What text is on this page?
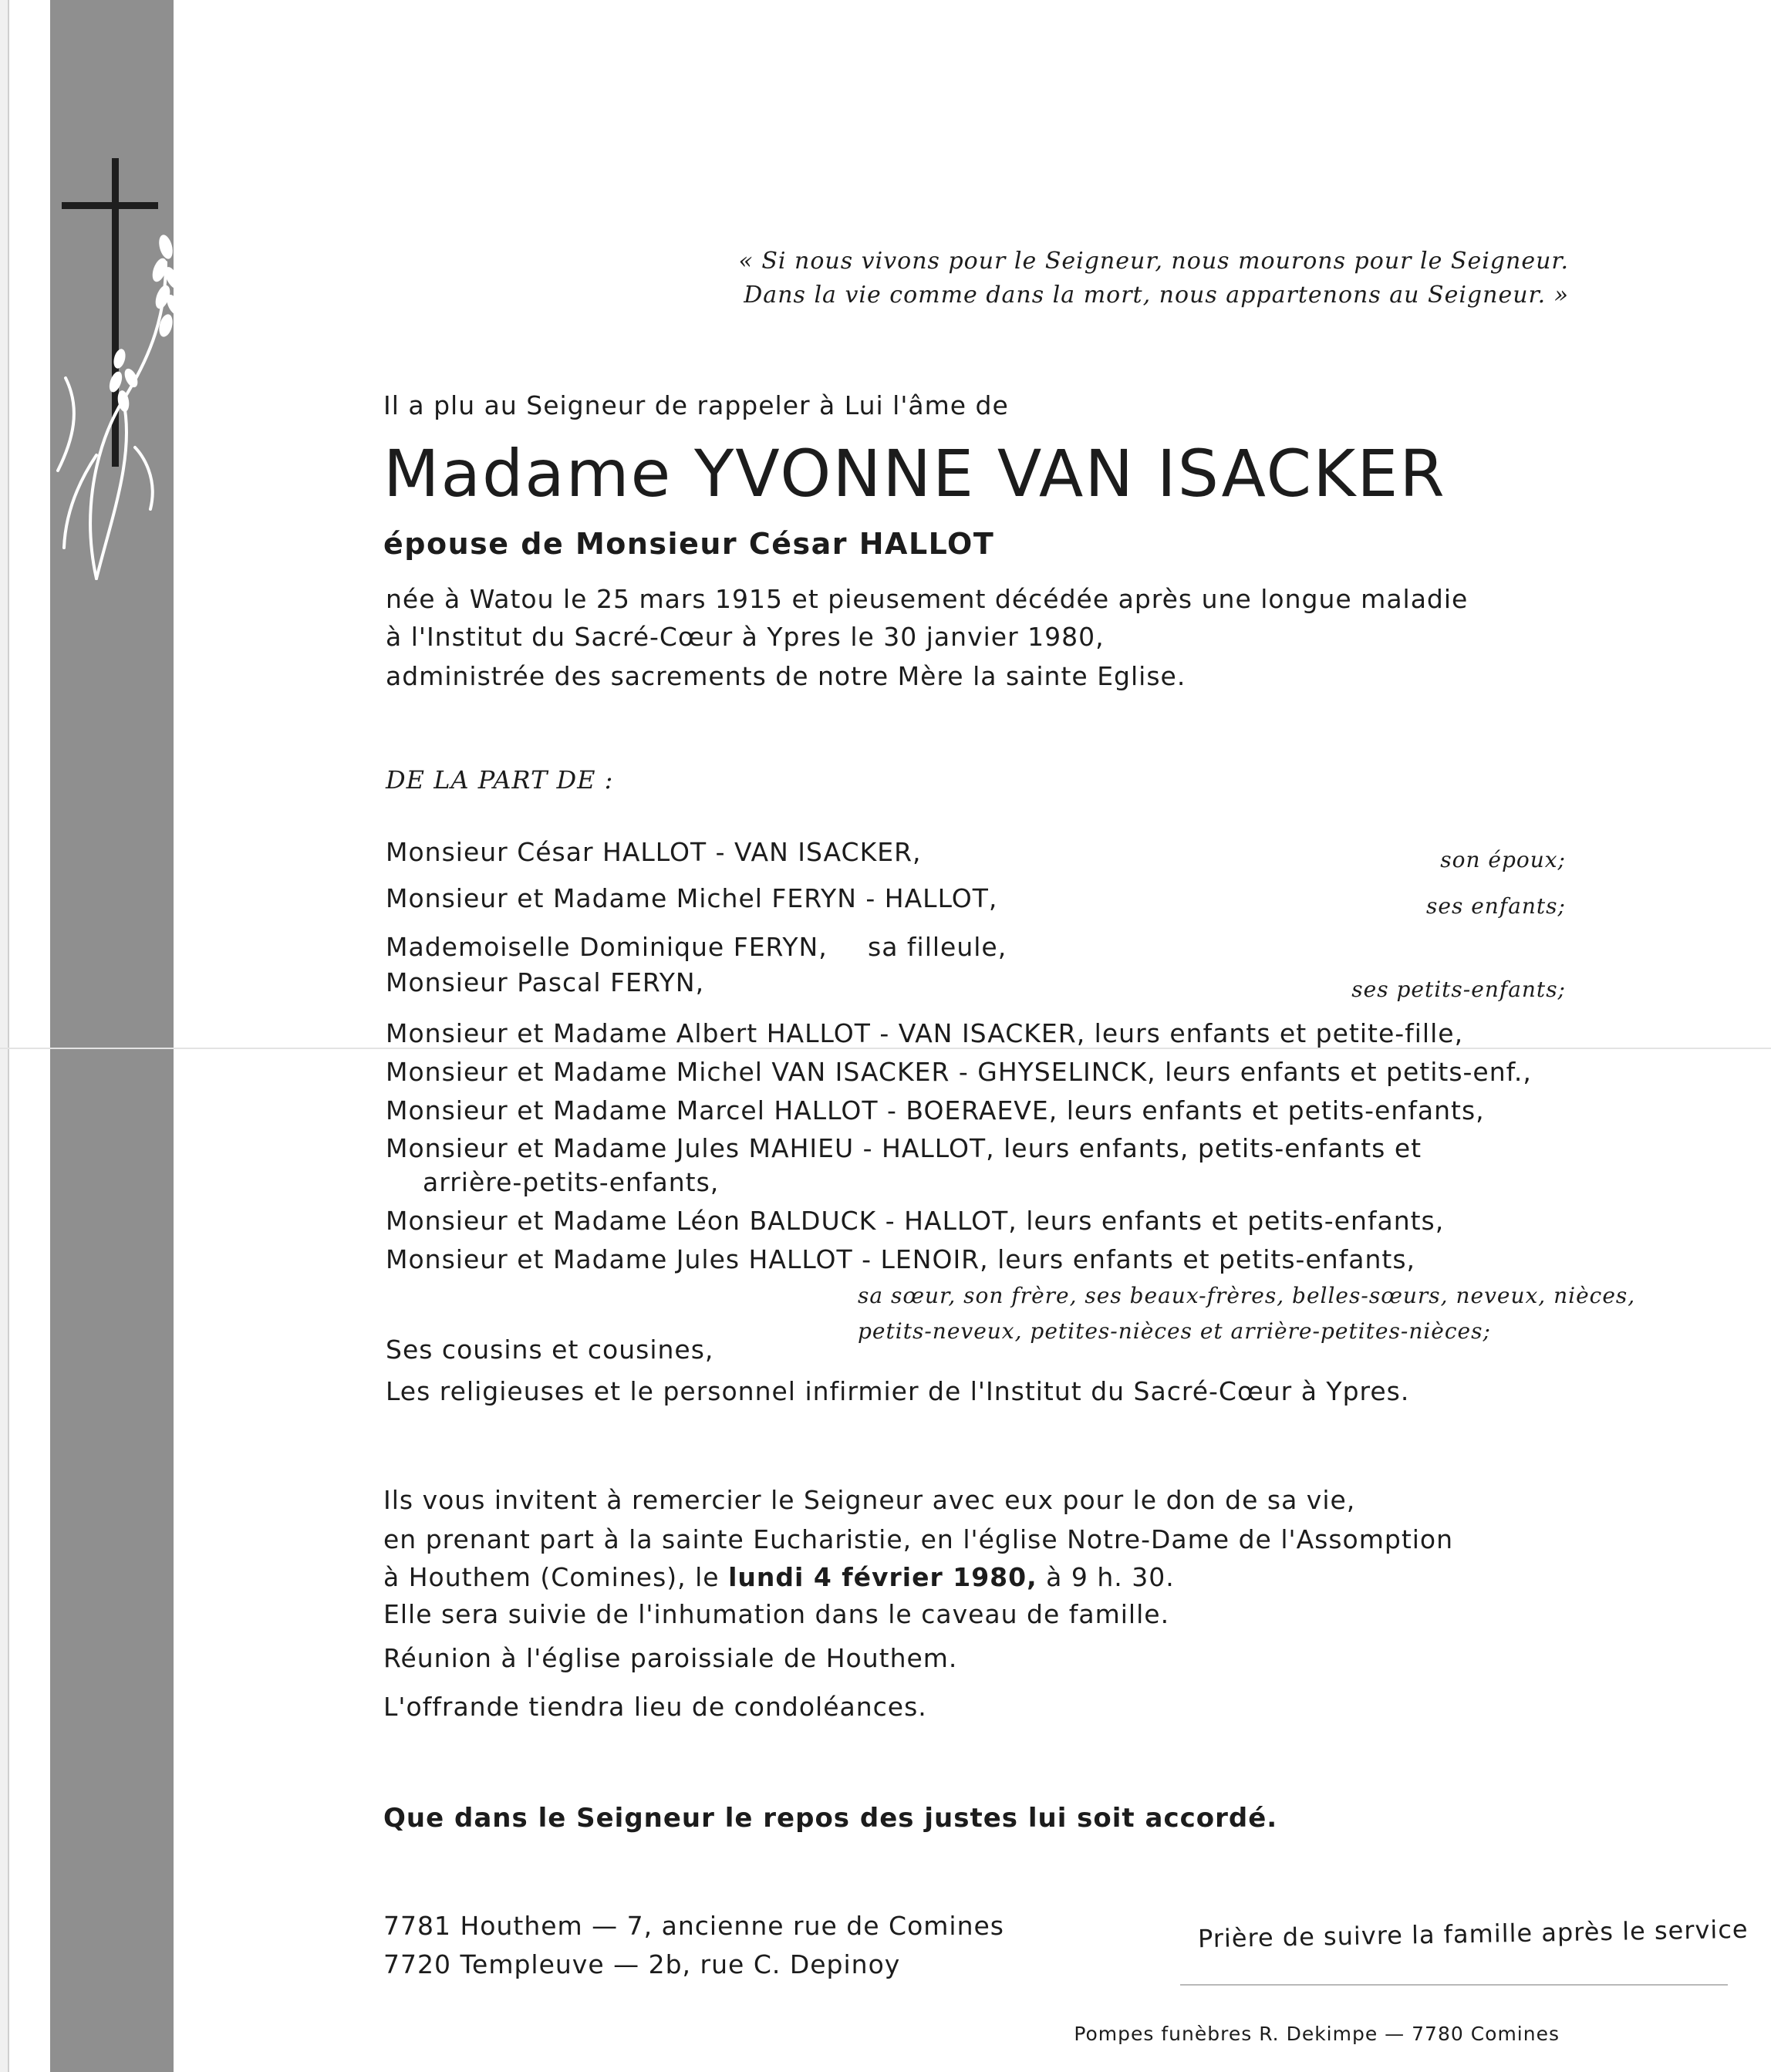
« Si nous vivons pour le Seigneur, nous mourons pour le Seigneur.
Dans la vie comme dans la mort, nous appartenons au Seigneur. »
Il a plu au Seigneur de rappeler à Lui l'âme de
Madame YVONNE VAN ISACKER
épouse de Monsieur César HALLOT
née à Watou le 25 mars 1915 et pieusement décédée après une longue maladie
à l'Institut du Sacré-Cœur à Ypres le 30 janvier 1980,
administrée des sacrements de notre Mère la sainte Eglise.
DE LA PART DE :
Monsieur César HALLOT - VAN ISACKER,	son époux;
Monsieur et Madame Michel FERYN - HALLOT,	ses enfants;
Mademoiselle Dominique FERYN, sa filleule,
Monsieur Pascal FERYN,	ses petits-enfants;
Monsieur et Madame Albert HALLOT - VAN ISACKER, leurs enfants et petite-fille,
Monsieur et Madame Michel VAN ISACKER - GHYSELINCK, leurs enfants et petits-enf.,
Monsieur et Madame Marcel HALLOT - BOERAEVE, leurs enfants et petits-enfants,
Monsieur et Madame Jules MAHIEU - HALLOT, leurs enfants, petits-enfants et
arrière-petits-enfants,
Monsieur et Madame Léon BALDUCK - HALLOT, leurs enfants et petits-enfants,
Monsieur et Madame Jules HALLOT - LENOIR, leurs enfants et petits-enfants,
sa sœur, son frère, ses beaux-frères, belles-sœurs, neveux, nièces,
petits-neveux, petites-nièces et arrière-petites-nièces;
Ses cousins et cousines,
Les religieuses et le personnel infirmier de l'Institut du Sacré-Cœur à Ypres.
Ils vous invitent à remercier le Seigneur avec eux pour le don de sa vie,
en prenant part à la sainte Eucharistie, en l'église Notre-Dame de l'Assomption
à Houthem (Comines), le lundi 4 février 1980, à 9 h. 30.
Elle sera suivie de l'inhumation dans le caveau de famille.
Réunion à l'église paroissiale de Houthem.
L'offrande tiendra lieu de condoléances.
Que dans le Seigneur le repos des justes lui soit accordé.
7781 Houthem — 7, ancienne rue de Comines
7720 Templeuve — 2b, rue C. Depinoy
Prière de suivre la famille après le service
Pompes funèbres R. Dekimpe — 7780 Comines
